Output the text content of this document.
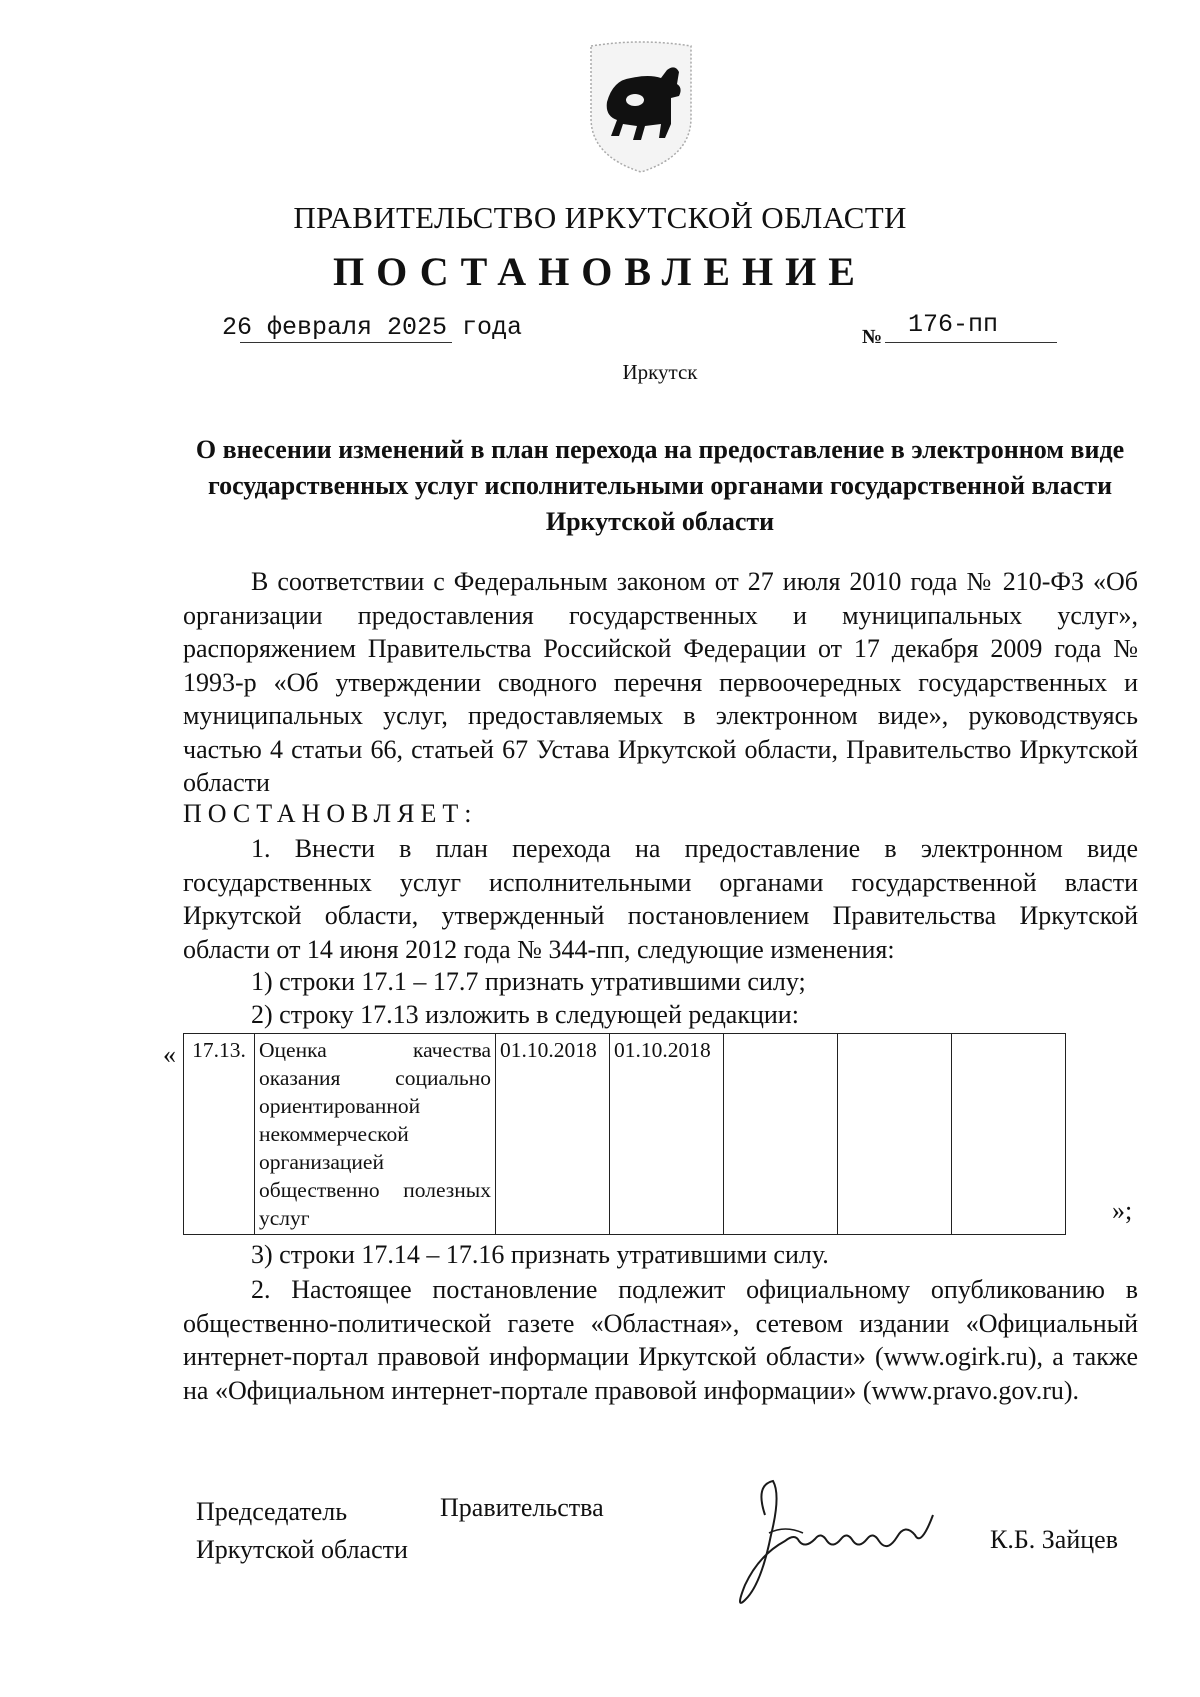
ПРАВИТЕЛЬСТВО ИРКУТСКОЙ ОБЛАСТИ
ПОСТАНОВЛЕНИЕ
26 февраля 2025 года	№ 176-пп
Иркутск
О внесении изменений в план перехода на предоставление в электронном виде государственных услуг исполнительными органами государственной власти Иркутской области
В соответствии с Федеральным законом от 27 июля 2010 года № 210-ФЗ «Об организации предоставления государственных и муниципальных услуг», распоряжением Правительства Российской Федерации от 17 декабря 2009 года № 1993-р «Об утверждении сводного перечня первоочередных государственных и муниципальных услуг, предоставляемых в электронном виде», руководствуясь частью 4 статьи 66, статьей 67 Устава Иркутской области, Правительство Иркутской области
ПОСТАНОВЛЯЕТ:
1. Внести в план перехода на предоставление в электронном виде государственных услуг исполнительными органами государственной власти Иркутской области, утвержденный постановлением Правительства Иркутской области от 14 июня 2012 года № 344-пп, следующие изменения:
1) строки 17.1 – 17.7 признать утратившими силу;
2) строку 17.13 изложить в следующей редакции:
« 17.13.	Оценка качества оказания социально ориентированной некоммерческой организацией общественно полезных услуг	01.10.2018	01.10.2018			
»;
3) строки 17.14 – 17.16 признать утратившими силу.
2. Настоящее постановление подлежит официальному опубликованию в общественно-политической газете «Областная», сетевом издании «Официальный интернет-портал правовой информации Иркутской области» (www.ogirk.ru), а также на «Официальном интернет-портале правовой информации» (www.pravo.gov.ru).
Председатель
Иркутской области
Правительства
К.Б. Зайцев
